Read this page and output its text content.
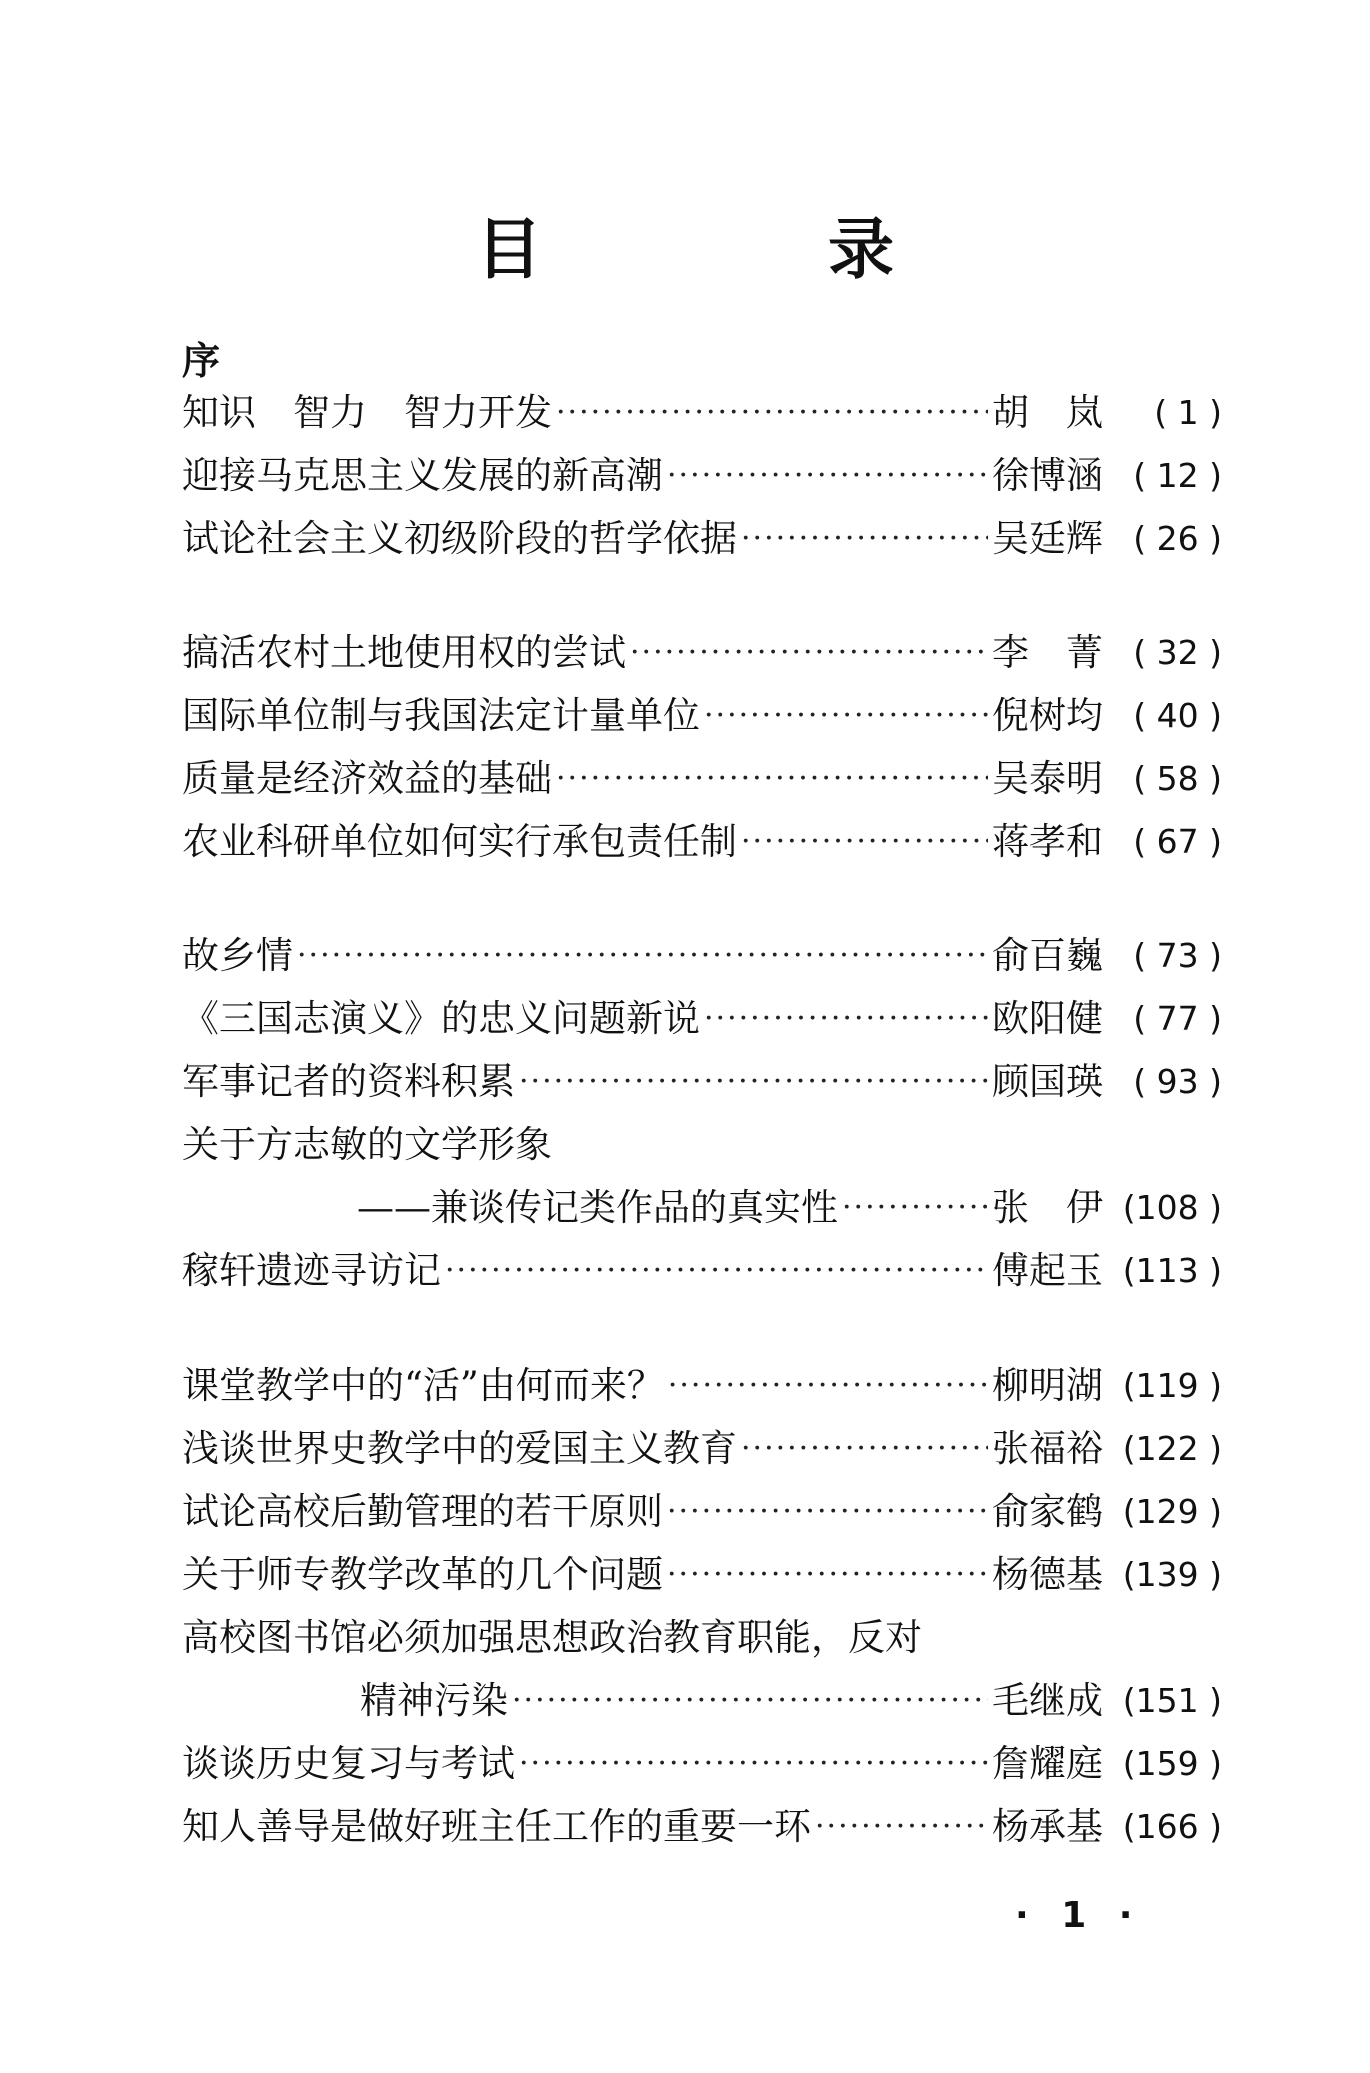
目　录
序
知识　智力　智力开发 ·····	胡　岚	( 1 )
迎接马克思主义发展的新高潮 ·····	徐博涵 ( 12 )
试论社会主义初级阶段的哲学依据 ·····	吴廷辉 ( 26 )
搞活农村土地使用权的尝试 ·····	李　菁 ( 32 )
国际单位制与我国法定计量单位 ·····	倪树均 ( 40 )
质量是经济效益的基础 ·····	吴泰明 ( 58 )
农业科研单位如何实行承包责任制 ·····	蒋孝和 ( 67 )
故乡情 ·····	俞百巍 ( 73 )
《三国志演义》的忠义问题新说 ·····	欧阳健 ( 77 )
军事记者的资料积累 ·····	顾国瑛 ( 93 )
关于方志敏的文学形象
——兼谈传记类作品的真实性 ·····	张　伊 (108 )
稼轩遗迹寻访记 ·····	傅起玉 (113 )
课堂教学中的“活”由何而来？ ·····	柳明湖 (119 )
浅谈世界史教学中的爱国主义教育 ·····	张福裕 (122 )
试论高校后勤管理的若干原则 ·····	俞家鹤 (129 )
关于师专教学改革的几个问题 ·····	杨德基 (139 )
高校图书馆必须加强思想政治教育职能，反对
精神污染 ·····	毛继成 (151 )
谈谈历史复习与考试 ·····	詹耀庭 (159 )
知人善导是做好班主任工作的重要一环 ·····	杨承基 (166 )
· 1 ·
